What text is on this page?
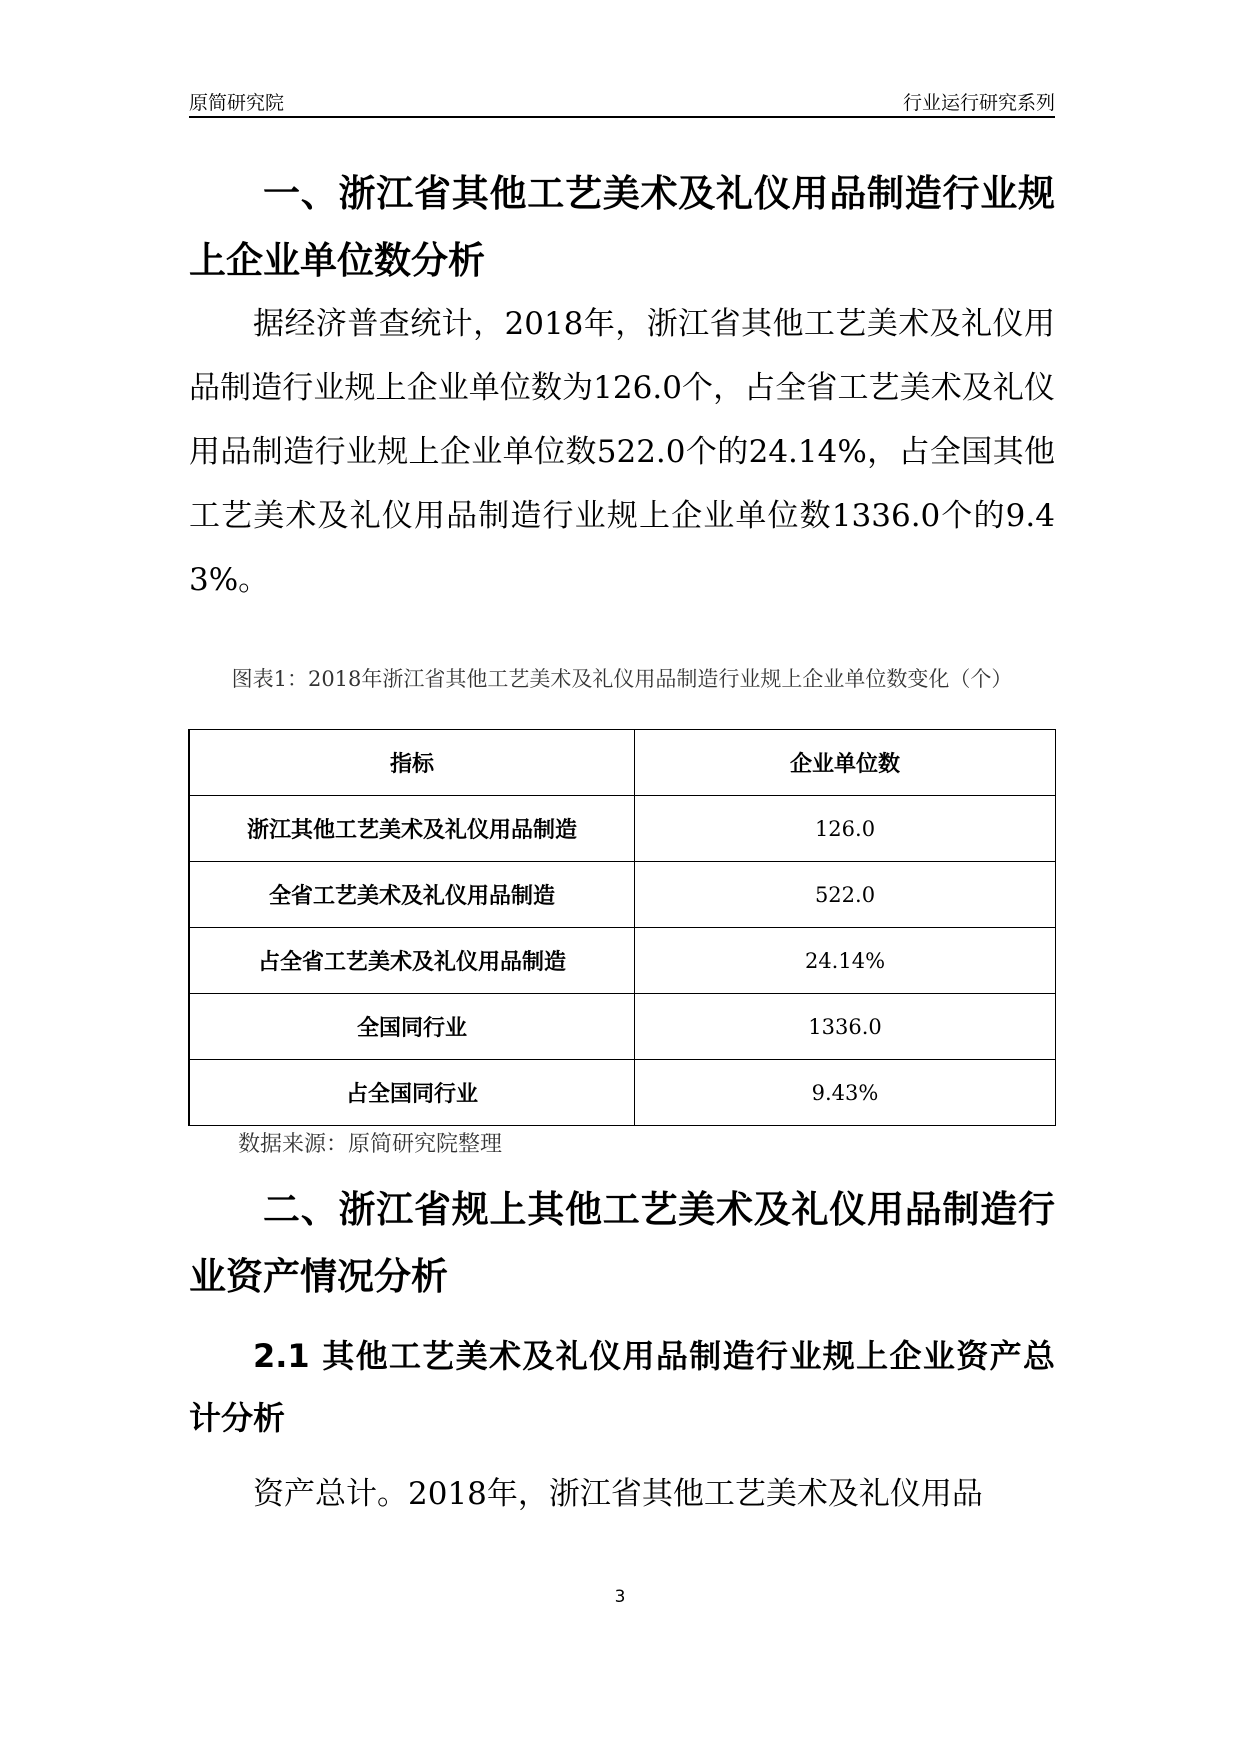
原简研究院	行业运行研究系列
一、浙江省其他工艺美术及礼仪用品制造行业规上企业单位数分析

据经济普查统计，2018年，浙江省其他工艺美术及礼仪用品制造行业规上企业单位数为126.0个，占全省工艺美术及礼仪用品制造行业规上企业单位数522.0个的24.14%，占全国其他工艺美术及礼仪用品制造行业规上企业单位数1336.0个的9.43%。

图表1：2018年浙江省其他工艺美术及礼仪用品制造行业规上企业单位数变化（个）
指标	企业单位数
浙江其他工艺美术及礼仪用品制造	126.0
全省工艺美术及礼仪用品制造	522.0
占全省工艺美术及礼仪用品制造	24.14%
全国同行业	1336.0
占全国同行业	9.43%
数据来源：原简研究院整理
二、浙江省规上其他工艺美术及礼仪用品制造行业资产情况分析
2.1 其他工艺美术及礼仪用品制造行业规上企业资产总计分析

资产总计。2018年，浙江省其他工艺美术及礼仪用品

3
